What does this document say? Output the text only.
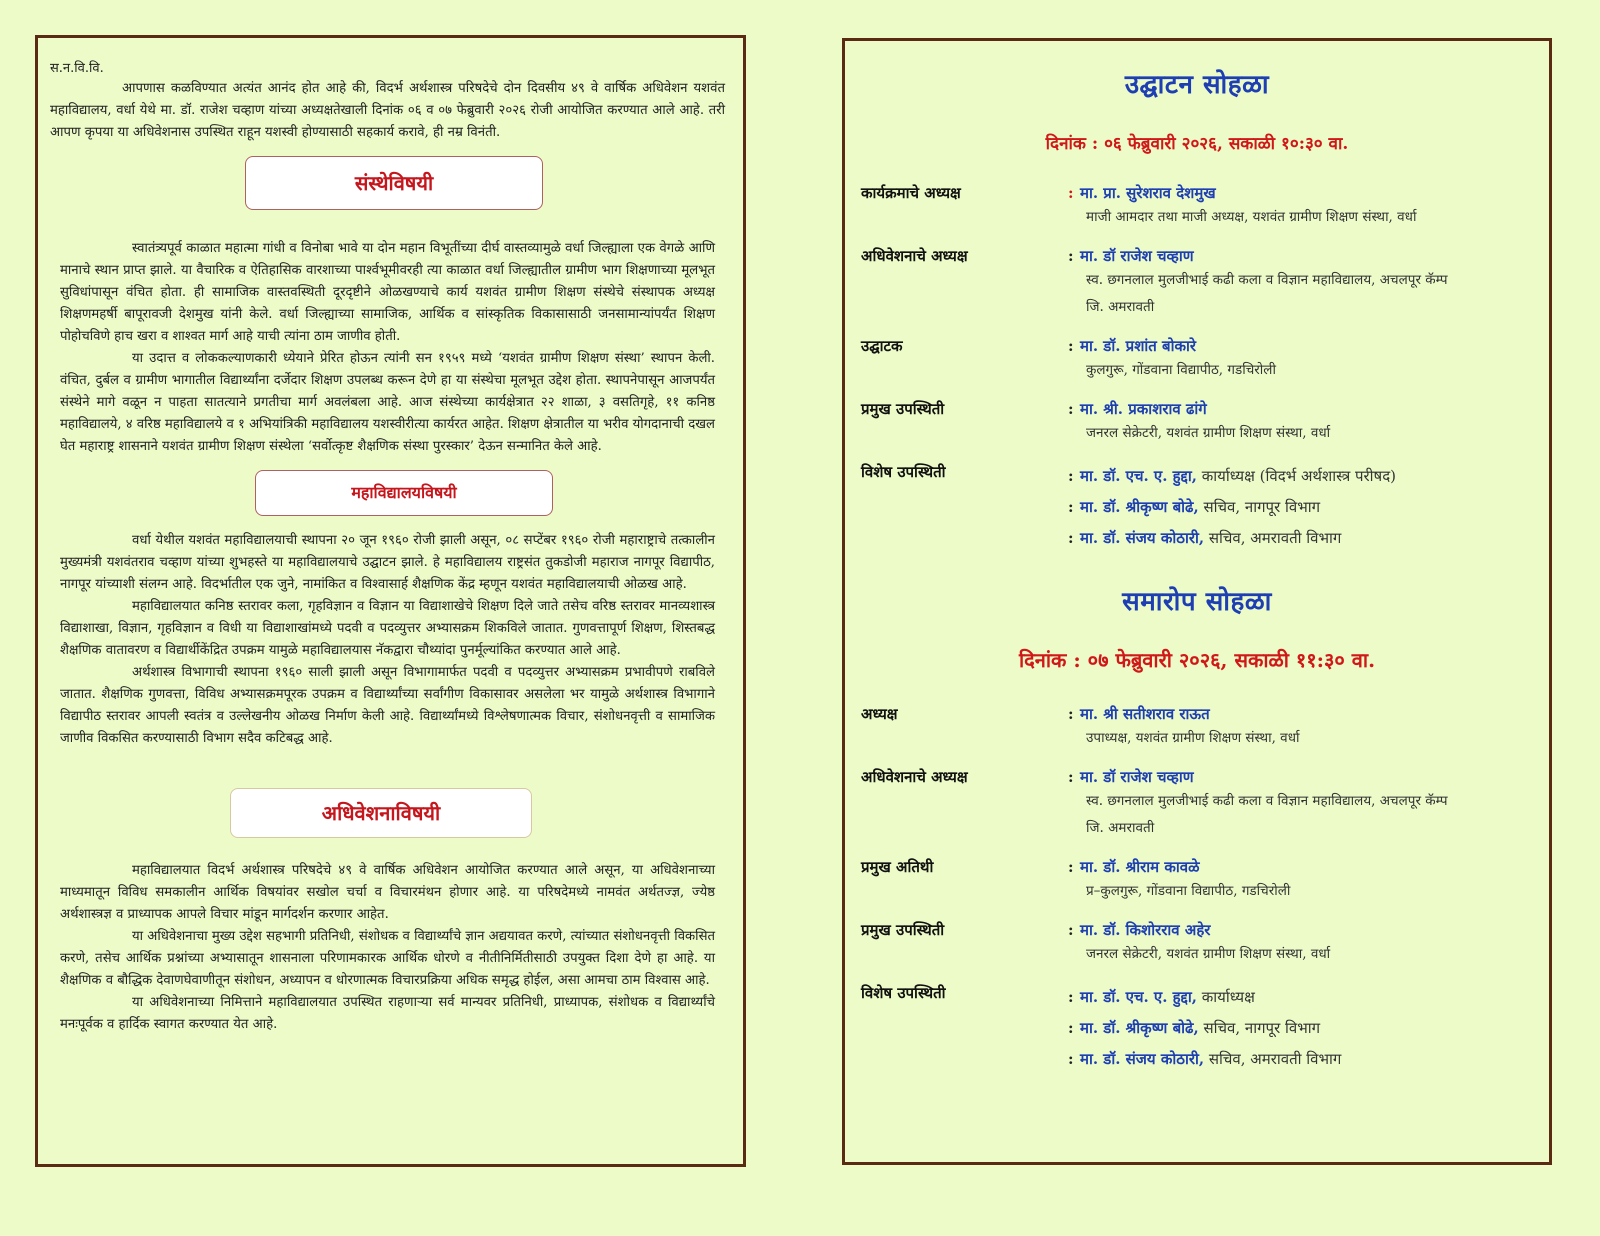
स.न.वि.वि.

आपणास कळविण्यात अत्यंत आनंद होत आहे की, विदर्भ अर्थशास्त्र परिषदेचे दोन दिवसीय ४९ वे वार्षिक अधिवेशन यशवंत महाविद्यालय, वर्धा येथे मा. डॉ. राजेश चव्हाण यांच्या अध्यक्षतेखाली दिनांक ०६ व ०७ फेब्रुवारी २०२६ रोजी आयोजित करण्यात आले आहे. तरी आपण कृपया या अधिवेशनास उपस्थित राहून यशस्वी होण्यासाठी सहकार्य करावे, ही नम्र विनंती.

संस्थेविषयी

स्वातंत्र्यपूर्व काळात महात्मा गांधी व विनोबा भावे या दोन महान विभूतींच्या दीर्घ वास्तव्यामुळे वर्धा जिल्ह्याला एक वेगळे आणि मानाचे स्थान प्राप्त झाले. या वैचारिक व ऐतिहासिक वारशाच्या पार्श्वभूमीवरही त्या काळात वर्धा जिल्ह्यातील ग्रामीण भाग शिक्षणाच्या मूलभूत सुविधांपासून वंचित होता. ही सामाजिक वास्तवस्थिती दूरदृष्टीने ओळखण्याचे कार्य यशवंत ग्रामीण शिक्षण संस्थेचे संस्थापक अध्यक्ष शिक्षणमहर्षी बापूरावजी देशमुख यांनी केले. वर्धा जिल्ह्याच्या सामाजिक, आर्थिक व सांस्कृतिक विकासासाठी जनसामान्यांपर्यंत शिक्षण पोहोचविणे हाच खरा व शाश्वत मार्ग आहे याची त्यांना ठाम जाणीव होती.

या उदात्त व लोककल्याणकारी ध्येयाने प्रेरित होऊन त्यांनी सन १९५९ मध्ये ‘यशवंत ग्रामीण शिक्षण संस्था’ स्थापन केली. वंचित, दुर्बल व ग्रामीण भागातील विद्यार्थ्यांना दर्जेदार शिक्षण उपलब्ध करून देणे हा या संस्थेचा मूलभूत उद्देश होता. स्थापनेपासून आजपर्यंत संस्थेने मागे वळून न पाहता सातत्याने प्रगतीचा मार्ग अवलंबला आहे. आज संस्थेच्या कार्यक्षेत्रात २२ शाळा, ३ वसतिगृहे, ११ कनिष्ठ महाविद्यालये, ४ वरिष्ठ महाविद्यालये व १ अभियांत्रिकी महाविद्यालय यशस्वीरीत्या कार्यरत आहेत. शिक्षण क्षेत्रातील या भरीव योगदानाची दखल घेत महाराष्ट्र शासनाने यशवंत ग्रामीण शिक्षण संस्थेला ‘सर्वोत्कृष्ट शैक्षणिक संस्था पुरस्कार’ देऊन सन्मानित केले आहे.

महाविद्यालयविषयी

वर्धा येथील यशवंत महाविद्यालयाची स्थापना २० जून १९६० रोजी झाली असून, ०८ सप्टेंबर १९६० रोजी महाराष्ट्राचे तत्कालीन मुख्यमंत्री यशवंतराव चव्हाण यांच्या शुभहस्ते या महाविद्यालयाचे उद्घाटन झाले. हे महाविद्यालय राष्ट्रसंत तुकडोजी महाराज नागपूर विद्यापीठ, नागपूर यांच्याशी संलग्न आहे. विदर्भातील एक जुने, नामांकित व विश्वासार्ह शैक्षणिक केंद्र म्हणून यशवंत महाविद्यालयाची ओळख आहे.

महाविद्यालयात कनिष्ठ स्तरावर कला, गृहविज्ञान व विज्ञान या विद्याशाखेचे शिक्षण दिले जाते तसेच वरिष्ठ स्तरावर मानव्यशास्त्र विद्याशाखा, विज्ञान, गृहविज्ञान व विधी या विद्याशाखांमध्ये पदवी व पदव्युत्तर अभ्यासक्रम शिकविले जातात. गुणवत्तापूर्ण शिक्षण, शिस्तबद्ध शैक्षणिक वातावरण व विद्यार्थीकेंद्रित उपक्रम यामुळे महाविद्यालयास नॅकद्वारा चौथ्यांदा पुनर्मूल्यांकित करण्यात आले आहे.

अर्थशास्त्र विभागाची स्थापना १९६० साली झाली असून विभागामार्फत पदवी व पदव्युत्तर अभ्यासक्रम प्रभावीपणे राबविले जातात. शैक्षणिक गुणवत्ता, विविध अभ्यासक्रमपूरक उपक्रम व विद्यार्थ्यांच्या सर्वांगीण विकासावर असलेला भर यामुळे अर्थशास्त्र विभागाने विद्यापीठ स्तरावर आपली स्वतंत्र व उल्लेखनीय ओळख निर्माण केली आहे. विद्यार्थ्यांमध्ये विश्लेषणात्मक विचार, संशोधनवृत्ती व सामाजिक जाणीव विकसित करण्यासाठी विभाग सदैव कटिबद्ध आहे.

अधिवेशनाविषयी

महाविद्यालयात विदर्भ अर्थशास्त्र परिषदेचे ४९ वे वार्षिक अधिवेशन आयोजित करण्यात आले असून, या अधिवेशनाच्या माध्यमातून विविध समकालीन आर्थिक विषयांवर सखोल चर्चा व विचारमंथन होणार आहे. या परिषदेमध्ये नामवंत अर्थतज्ज्ञ, ज्येष्ठ अर्थशास्त्रज्ञ व प्राध्यापक आपले विचार मांडून मार्गदर्शन करणार आहेत.

या अधिवेशनाचा मुख्य उद्देश सहभागी प्रतिनिधी, संशोधक व विद्यार्थ्यांचे ज्ञान अद्ययावत करणे, त्यांच्यात संशोधनवृत्ती विकसित करणे, तसेच आर्थिक प्रश्नांच्या अभ्यासातून शासनाला परिणामकारक आर्थिक धोरणे व नीतीनिर्मितीसाठी उपयुक्त दिशा देणे हा आहे. या शैक्षणिक व बौद्धिक देवाणघेवाणीतून संशोधन, अध्यापन व धोरणात्मक विचारप्रक्रिया अधिक समृद्ध होईल, असा आमचा ठाम विश्वास आहे.

या अधिवेशनाच्या निमित्ताने महाविद्यालयात उपस्थित राहणाऱ्या सर्व मान्यवर प्रतिनिधी, प्राध्यापक, संशोधक व विद्यार्थ्यांचे मनःपूर्वक व हार्दिक स्वागत करण्यात येत आहे.

उद्घाटन सोहळा
दिनांक : ०६ फेब्रुवारी २०२६, सकाळी १०:३० वा.
कार्यक्रमाचे अध्यक्ष	: मा. प्रा. सुरेशराव देशमुख
माजी आमदार तथा माजी अध्यक्ष, यशवंत ग्रामीण शिक्षण संस्था, वर्धा
अधिवेशनाचे अध्यक्ष	: मा. डॉ राजेश चव्हाण
स्व. छगनलाल मुलजीभाई कढी कला व विज्ञान महाविद्यालय, अचलपूर कॅम्प
जि. अमरावती
उद्घाटक	: मा. डॉ. प्रशांत बोकारे
कुलगुरू, गोंडवाना विद्यापीठ, गडचिरोली
प्रमुख उपस्थिती	: मा. श्री. प्रकाशराव ढांगे
जनरल सेक्रेटरी, यशवंत ग्रामीण शिक्षण संस्था, वर्धा
विशेष उपस्थिती	: मा. डॉ. एच. ए. हुद्दा, कार्याध्यक्ष (विदर्भ अर्थशास्त्र परीषद)
: मा. डॉ. श्रीकृष्ण बोढे, सचिव, नागपूर विभाग
: मा. डॉ. संजय कोठारी, सचिव, अमरावती विभाग
समारोप सोहळा
दिनांक : ०७ फेब्रुवारी २०२६, सकाळी ११:३० वा.
अध्यक्ष	: मा. श्री सतीशराव राऊत
उपाध्यक्ष, यशवंत ग्रामीण शिक्षण संस्था, वर्धा
अधिवेशनाचे अध्यक्ष	: मा. डॉ राजेश चव्हाण
स्व. छगनलाल मुलजीभाई कढी कला व विज्ञान महाविद्यालय, अचलपूर कॅम्प
जि. अमरावती
प्रमुख अतिथी	: मा. डॉ. श्रीराम कावळे
प्र–कुलगुरू, गोंडवाना विद्यापीठ, गडचिरोली
प्रमुख उपस्थिती	: मा. डॉ. किशोरराव अहेर
जनरल सेक्रेटरी, यशवंत ग्रामीण शिक्षण संस्था, वर्धा
विशेष उपस्थिती	: मा. डॉ. एच. ए. हुद्दा, कार्याध्यक्ष
: मा. डॉ. श्रीकृष्ण बोढे, सचिव, नागपूर विभाग
: मा. डॉ. संजय कोठारी, सचिव, अमरावती विभाग
